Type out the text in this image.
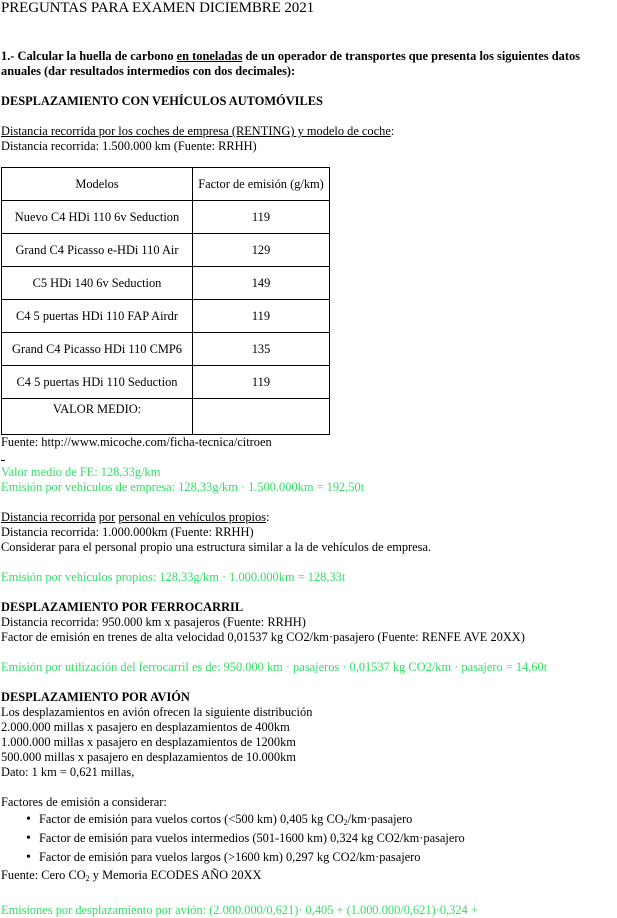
PREGUNTAS PARA EXAMEN DICIEMBRE 2021

1.- Calcular la huella de carbono en toneladas de un operador de transportes que presenta los siguientes datos anuales (dar resultados intermedios con dos decimales):

DESPLAZAMIENTO CON VEHÍCULOS AUTOMÓVILES

Distancia recorrida por los coches de empresa (RENTING) y modelo de coche:

Distancia recorrida: 1.500.000 km (Fuente: RRHH)

Modelos	Factor de emisión (g/km)
Nuevo C4 HDi 110 6v Seduction	119
Grand C4 Picasso e-HDi 110 Air	129
C5 HDi 140 6v Seduction	149
C4 5 puertas HDi 110 FAP Airdr	119
Grand C4 Picasso HDi 110 CMP6	135
C4 5 puertas HDi 110 Seduction	119
VALOR MEDIO:	

Fuente: http://www.micoche.com/ficha-tecnica/citroen

Valor medio de FE: 128,33g/km

Emisión por vehículos de empresa: 128,33g/km · 1.500.000km = 192,50t

Distancia recorrida por personal en vehículos propios:

Distancia recorrida: 1.000.000km (Fuente: RRHH)

Considerar para el personal propio una estructura similar a la de vehículos de empresa.

Emisión por vehículos propios: 128,33g/km · 1.000.000km = 128,33t

DESPLAZAMIENTO POR FERROCARRIL

Distancia recorrida: 950.000 km x pasajeros (Fuente: RRHH)

Factor de emisión en trenes de alta velocidad 0,01537 kg CO2/km·pasajero (Fuente: RENFE AVE 20XX)

Emisión por utilización del ferrocarril es de: 950.000 km · pasajeros · 0,01537 kg CO2/km · pasajero = 14,60t

DESPLAZAMIENTO POR AVIÓN

Los desplazamientos en avión ofrecen la siguiente distribución

2.000.000 millas x pasajero en desplazamientos de 400km

1.000.000 millas x pasajero en desplazamientos de 1200km

500.000 millas x pasajero en desplazamientos de 10.000km

Dato: 1 km = 0,621 millas,

Factores de emisión a considerar:

• Factor de emisión para vuelos cortos (<500 km) 0,405 kg $CO_2/km\cdot pasajero$
• Factor de emisión para vuelos intermedios (501-1600 km) 0,324 kg CO2/km·pasajero
• Factor de emisión para vuelos largos (>1600 km) 0,297 kg CO2/km·pasajero

Fuente: Cero $CO_2$ y Memoria ECODES AÑO 20XX

Emisiones por desplazamiento por avión: (2.000.000/0,621)· 0,405 + (1.000.000/0,621)·0,324 +
